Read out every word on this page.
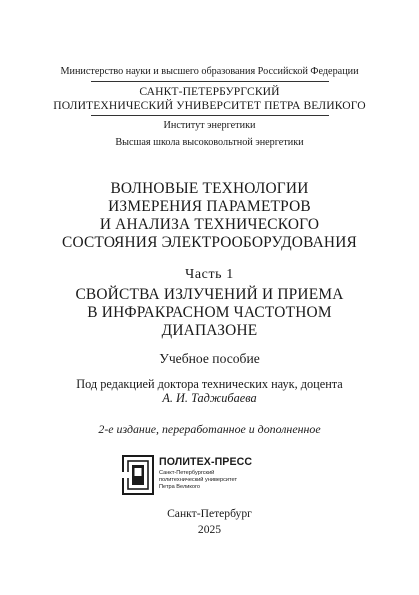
Министерство науки и высшего образования Российской Федерации
САНКТ-ПЕТЕРБУРГСКИЙ
ПОЛИТЕХНИЧЕСКИЙ УНИВЕРСИТЕТ ПЕТРА ВЕЛИКОГО
Институт энергетики
Высшая школа высоковольтной энергетики
ВОЛНОВЫЕ ТЕХНОЛОГИИ
ИЗМЕРЕНИЯ ПАРАМЕТРОВ
И АНАЛИЗА ТЕХНИЧЕСКОГО
СОСТОЯНИЯ ЭЛЕКТРООБОРУДОВАНИЯ
Часть 1
СВОЙСТВА ИЗЛУЧЕНИЙ И ПРИЕМА
В ИНФРАКРАСНОМ ЧАСТОТНОМ
ДИАПАЗОНЕ
Учебное пособие
Под редакцией доктора технических наук, доцента
А. И. Таджибаева
2-е издание, переработанное и дополненное
ПОЛИТЕХ-ПРЕСС
Санкт-Петербургский
политехнический университет
Петра Великого
Санкт-Петербург
2025
